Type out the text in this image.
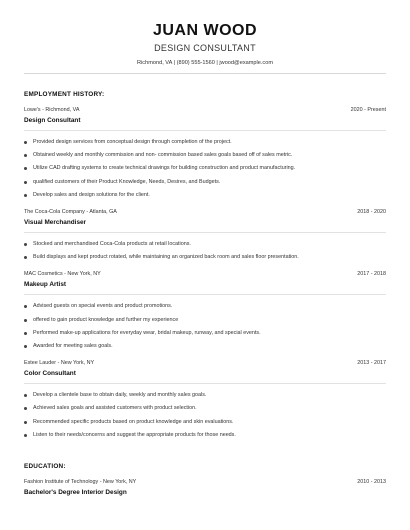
JUAN WOOD
DESIGN CONSULTANT
Richmond, VA | (890) 555-1560 | jwood@example.com
EMPLOYMENT HISTORY:
Lowe's - Richmond, VA	2020 - Present
Design Consultant
Provided design services from conceptual design through completion of the project.
Obtained weekly and monthly commission and non- commission based sales goals based off of sales metric.
Utilize CAD drafting systems to create technical drawings for building construction and product manufacturing.
qualified customers of their Product Knowledge, Needs, Desires, and Budgets.
Develop sales and design solutions for the client.
The Coca-Cola Company - Atlanta, GA	2018 - 2020
Visual Merchandiser
Stocked and merchandised Coca-Cola products at retail locations.
Build displays and kept product rotated, while maintaining an organized back room and sales floor presentation.
MAC Cosmetics - New York, NY	2017 - 2018
Makeup Artist
Advised guests on special events and product promotions.
offered to gain product knowledge and further my experience
Performed make-up applications for everyday wear, bridal makeup, runway, and special events.
Awarded for meeting sales goals.
Estee Lauder - New York, NY	2013 - 2017
Color Consultant
Develop a clientele base to obtain daily, weekly and monthly sales goals.
Achieved sales goals and assisted customers with product selection.
Recommended specific products based on product knowledge and skin evaluations.
Listen to their needs/concerns and suggest the appropriate products for those needs.
EDUCATION:
Fashion Institute of Technology - New York, NY	2010 - 2013
Bachelor's Degree Interior Design
